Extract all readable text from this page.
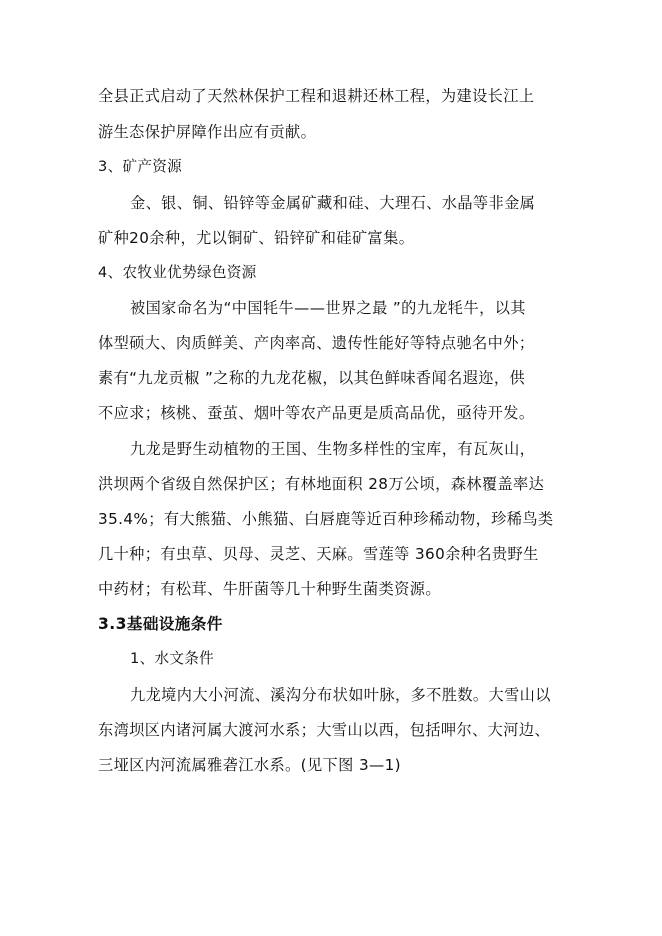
全县正式启动了天然林保护工程和退耕还林工程，为建设长江上

游生态保护屏障作出应有贡献。

3、矿产资源

金、银、铜、铅锌等金属矿藏和硅、大理石、水晶等非金属

矿种20余种，尤以铜矿、铅锌矿和硅矿富集。

4、农牧业优势绿色资源

被国家命名为“中国牦牛——世界之最 ”的九龙牦牛，以其

体型硕大、肉质鲜美、产肉率高、遗传性能好等特点驰名中外；

素有“九龙贡椒 ”之称的九龙花椒，以其色鲜味香闻名遐迩，供

不应求；核桃、蚕茧、烟叶等农产品更是质高品优，亟待开发。

九龙是野生动植物的王国、生物多样性的宝库，有瓦灰山，

洪坝两个省级自然保护区；有林地面积 28万公顷，森林覆盖率达

35.4%；有大熊猫、小熊猫、白唇鹿等近百种珍稀动物，珍稀鸟类

几十种；有虫草、贝母、灵芝、天麻。雪莲等 360余种名贵野生

中药材；有松茸、牛肝菌等几十种野生菌类资源。

3.3基础设施条件

1、水文条件

九龙境内大小河流、溪沟分布状如叶脉，多不胜数。大雪山以

东湾坝区内诸河属大渡河水系；大雪山以西，包括呷尔、大河边、

三垭区内河流属雅砻江水系。(见下图 3—1)
